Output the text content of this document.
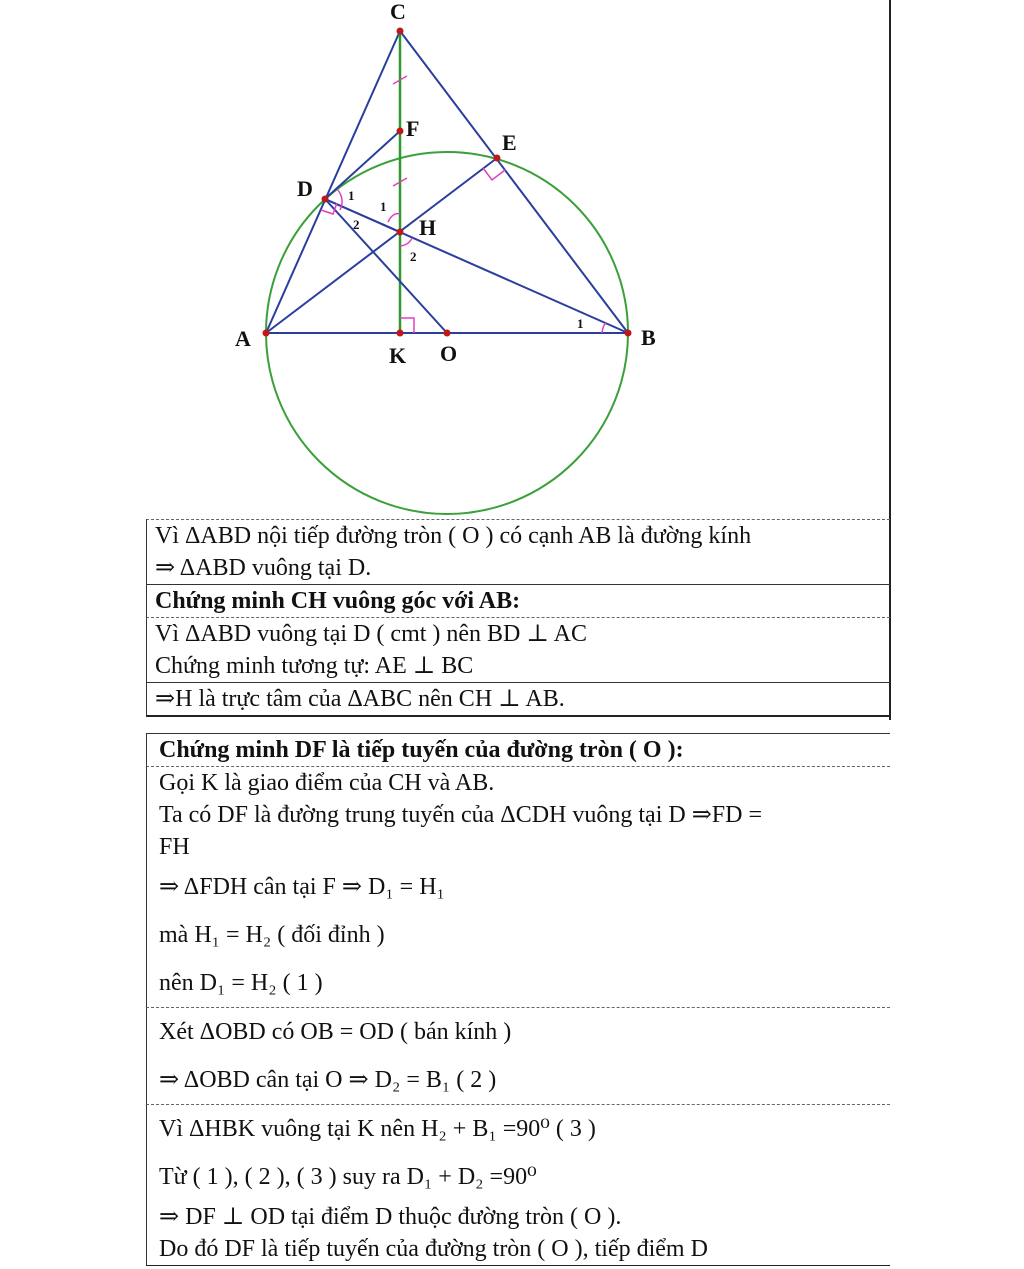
A	B
C
D
E
F
H
K O
1
2
1
2
1
Vì ΔABD nội tiếp đường tròn ( O ) có cạnh AB là đường kính
⇒ ΔABD vuông tại D.
Chứng minh CH vuông góc với AB:
Vì ΔABD vuông tại D ( cmt ) nên BD ⊥ AC
Chứng minh tương tự: AE ⊥ BC
⇒H là trực tâm của ΔABC nên CH ⊥ AB.
Chứng minh DF là tiếp tuyến của đường tròn ( O ):
Gọi K là giao điểm của CH và AB.
Ta có DF là đường trung tuyến của ΔCDH vuông tại D ⇒FD =
FH
⇒ ΔFDH cân tại F ⇒ D₁ = H₁
mà H₁ = H₂ ( đối đỉnh )
nên D₁ = H₂ ( 1 )
Xét ΔOBD có OB = OD ( bán kính )
⇒ ΔOBD cân tại O ⇒ D₂ = B₁ ( 2 )
Vì ΔHBK vuông tại K nên H₂ + B₁ =90⁰ ( 3 )
Từ ( 1 ), ( 2 ), ( 3 ) suy ra D₁ + D₂ =90⁰
⇒ DF ⊥ OD tại điểm D thuộc đường tròn ( O ).
Do đó DF là tiếp tuyến của đường tròn ( O ), tiếp điểm D
